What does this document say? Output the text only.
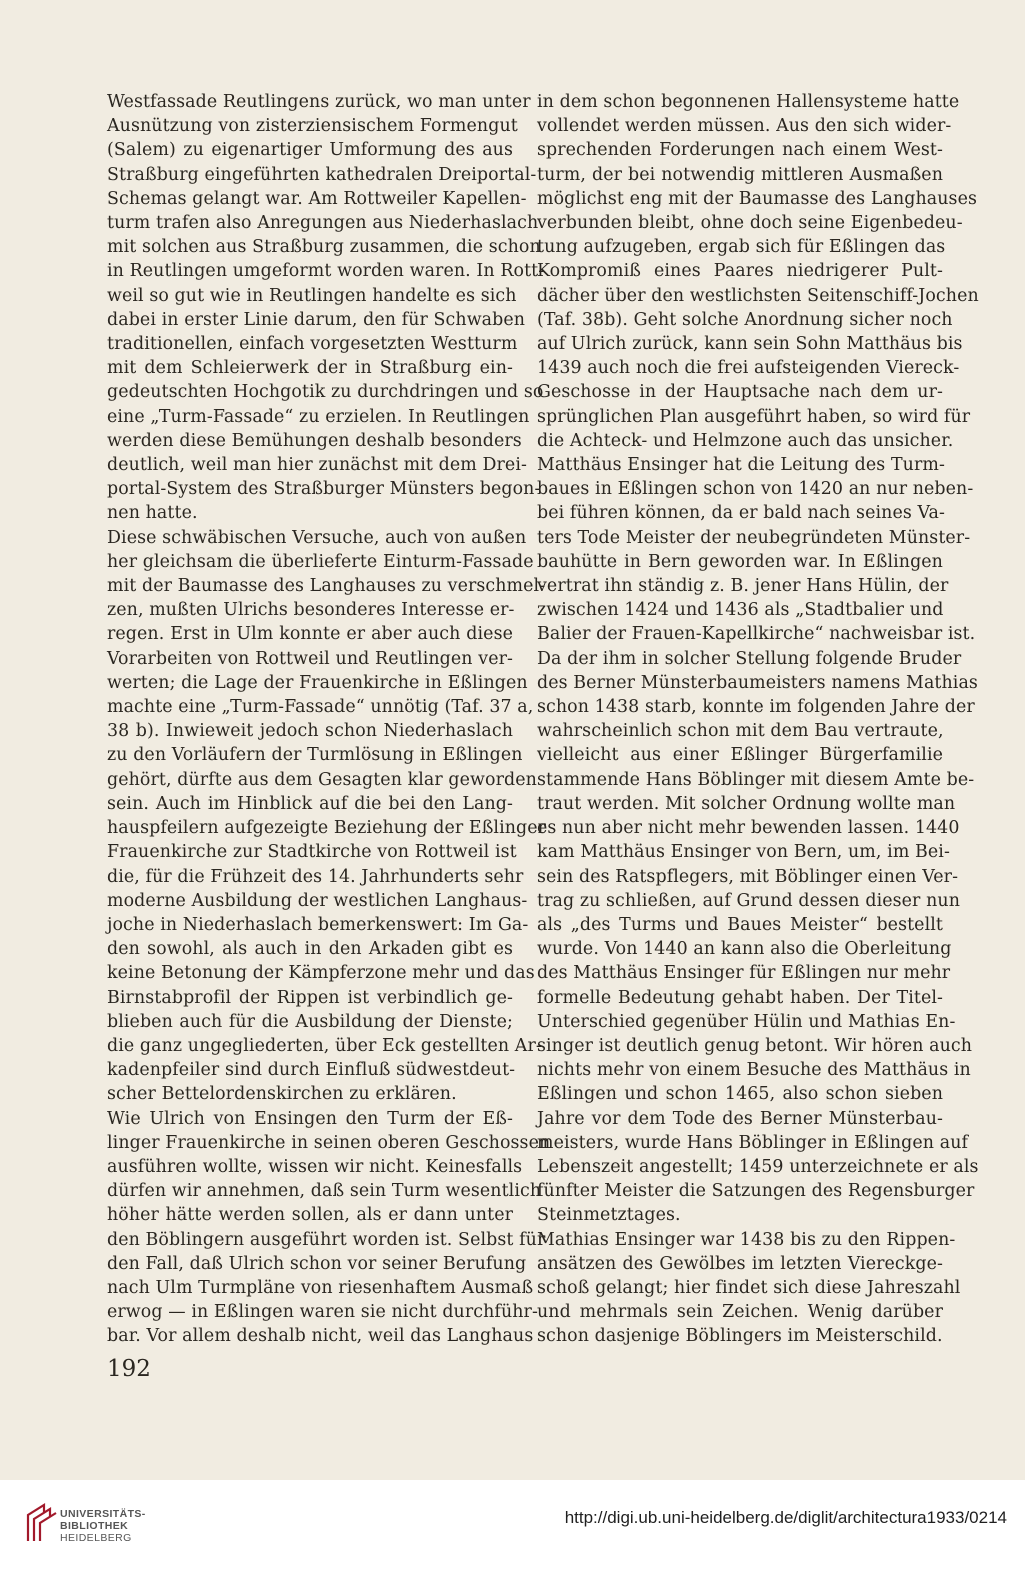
Westfassade Reutlingens zurück, wo man unter
Ausnützung von zisterziensischem Formengut
(Salem) zu eigenartiger Umformung des aus
Straßburg eingeführten kathedralen Dreiportal-
Schemas gelangt war. Am Rottweiler Kapellen-
turm trafen also Anregungen aus Niederhaslach
mit solchen aus Straßburg zusammen, die schon
in Reutlingen umgeformt worden waren. In Rott-
weil so gut wie in Reutlingen handelte es sich
dabei in erster Linie darum, den für Schwaben
traditionellen, einfach vorgesetzten Westturm
mit dem Schleierwerk der in Straßburg ein-
gedeutschten Hochgotik zu durchdringen und so
eine „Turm-Fassade“ zu erzielen. In Reutlingen
werden diese Bemühungen deshalb besonders
deutlich, weil man hier zunächst mit dem Drei-
portal-System des Straßburger Münsters begon-
nen hatte.
Diese schwäbischen Versuche, auch von außen
her gleichsam die überlieferte Einturm-Fassade
mit der Baumasse des Langhauses zu verschmel-
zen, mußten Ulrichs besonderes Interesse er-
regen. Erst in Ulm konnte er aber auch diese
Vorarbeiten von Rottweil und Reutlingen ver-
werten; die Lage der Frauenkirche in Eßlingen
machte eine „Turm-Fassade“ unnötig (Taf. 37 a,
38 b). Inwieweit jedoch schon Niederhaslach
zu den Vorläufern der Turmlösung in Eßlingen
gehört, dürfte aus dem Gesagten klar geworden
sein. Auch im Hinblick auf die bei den Lang-
hauspfeilern aufgezeigte Beziehung der Eßlinger
Frauenkirche zur Stadtkirche von Rottweil ist
die, für die Frühzeit des 14. Jahrhunderts sehr
moderne Ausbildung der westlichen Langhaus-
joche in Niederhaslach bemerkenswert: Im Ga-
den sowohl, als auch in den Arkaden gibt es
keine Betonung der Kämpferzone mehr und das
Birnstabprofil der Rippen ist verbindlich ge-
blieben auch für die Ausbildung der Dienste;
die ganz ungegliederten, über Eck gestellten Ar-
kadenpfeiler sind durch Einfluß südwestdeut-
scher Bettelordenskirchen zu erklären.
Wie Ulrich von Ensingen den Turm der Eß-
linger Frauenkirche in seinen oberen Geschossen
ausführen wollte, wissen wir nicht. Keinesfalls
dürfen wir annehmen, daß sein Turm wesentlich
höher hätte werden sollen, als er dann unter
den Böblingern ausgeführt worden ist. Selbst für
den Fall, daß Ulrich schon vor seiner Berufung
nach Ulm Turmpläne von riesenhaftem Ausmaß
erwog — in Eßlingen waren sie nicht durchführ-
bar. Vor allem deshalb nicht, weil das Langhaus
in dem schon begonnenen Hallensysteme hatte
vollendet werden müssen. Aus den sich wider-
sprechenden Forderungen nach einem West-
turm, der bei notwendig mittleren Ausmaßen
möglichst eng mit der Baumasse des Langhauses
verbunden bleibt, ohne doch seine Eigenbedeu-
tung aufzugeben, ergab sich für Eßlingen das
Kompromiß eines Paares niedrigerer Pult-
dächer über den westlichsten Seitenschiff-Jochen
(Taf. 38b). Geht solche Anordnung sicher noch
auf Ulrich zurück, kann sein Sohn Matthäus bis
1439 auch noch die frei aufsteigenden Viereck-
Geschosse in der Hauptsache nach dem ur-
sprünglichen Plan ausgeführt haben, so wird für
die Achteck- und Helmzone auch das unsicher.
Matthäus Ensinger hat die Leitung des Turm-
baues in Eßlingen schon von 1420 an nur neben-
bei führen können, da er bald nach seines Va-
ters Tode Meister der neubegründeten Münster-
bauhütte in Bern geworden war. In Eßlingen
vertrat ihn ständig z. B. jener Hans Hülin, der
zwischen 1424 und 1436 als „Stadtbalier und
Balier der Frauen-Kapellkirche“ nachweisbar ist.
Da der ihm in solcher Stellung folgende Bruder
des Berner Münsterbaumeisters namens Mathias
schon 1438 starb, konnte im folgenden Jahre der
wahrscheinlich schon mit dem Bau vertraute,
vielleicht aus einer Eßlinger Bürgerfamilie
stammende Hans Böblinger mit diesem Amte be-
traut werden. Mit solcher Ordnung wollte man
es nun aber nicht mehr bewenden lassen. 1440
kam Matthäus Ensinger von Bern, um, im Bei-
sein des Ratspflegers, mit Böblinger einen Ver-
trag zu schließen, auf Grund dessen dieser nun
als „des Turms und Baues Meister“ bestellt
wurde. Von 1440 an kann also die Oberleitung
des Matthäus Ensinger für Eßlingen nur mehr
formelle Bedeutung gehabt haben. Der Titel-
Unterschied gegenüber Hülin und Mathias En-
singer ist deutlich genug betont. Wir hören auch
nichts mehr von einem Besuche des Matthäus in
Eßlingen und schon 1465, also schon sieben
Jahre vor dem Tode des Berner Münsterbau-
meisters, wurde Hans Böblinger in Eßlingen auf
Lebenszeit angestellt; 1459 unterzeichnete er als
fünfter Meister die Satzungen des Regensburger
Steinmetztages.
Mathias Ensinger war 1438 bis zu den Rippen-
ansätzen des Gewölbes im letzten Viereckge-
schoß gelangt; hier findet sich diese Jahreszahl
und mehrmals sein Zeichen. Wenig darüber
schon dasjenige Böblingers im Meisterschild.
192
UNIVERSITÄTS-
BIBLIOTHEK
HEIDELBERG
http://digi.ub.uni-heidelberg.de/diglit/architectura1933/0214
